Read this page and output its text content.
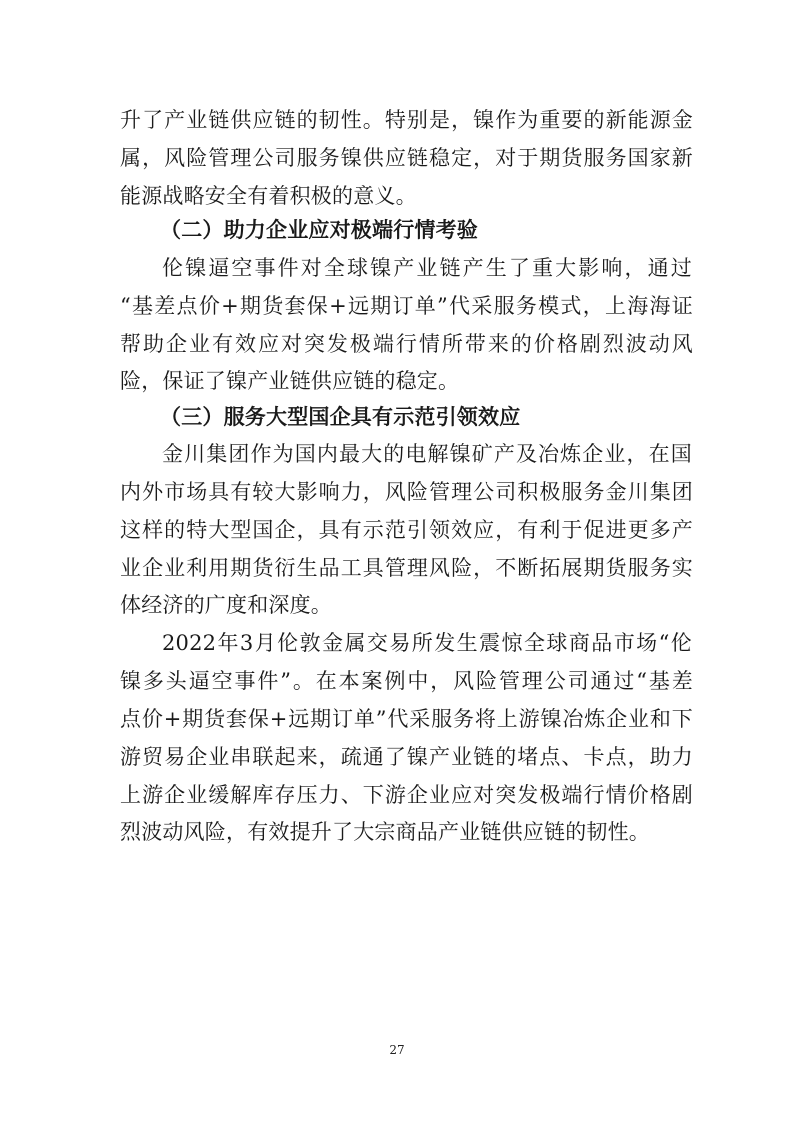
升了产业链供应链的韧性。特别是，镍作为重要的新能源金
属，风险管理公司服务镍供应链稳定，对于期货服务国家新
能源战略安全有着积极的意义。
（二）助力企业应对极端行情考验
伦镍逼空事件对全球镍产业链产生了重大影响，通过
“基差点价+期货套保+远期订单”代采服务模式，上海海证
帮助企业有效应对突发极端行情所带来的价格剧烈波动风
险，保证了镍产业链供应链的稳定。
（三）服务大型国企具有示范引领效应
金川集团作为国内最大的电解镍矿产及冶炼企业，在国
内外市场具有较大影响力，风险管理公司积极服务金川集团
这样的特大型国企，具有示范引领效应，有利于促进更多产
业企业利用期货衍生品工具管理风险，不断拓展期货服务实
体经济的广度和深度。
2022年3月伦敦金属交易所发生震惊全球商品市场“伦
镍多头逼空事件”。在本案例中，风险管理公司通过“基差
点价+期货套保+远期订单”代采服务将上游镍冶炼企业和下
游贸易企业串联起来，疏通了镍产业链的堵点、卡点，助力
上游企业缓解库存压力、下游企业应对突发极端行情价格剧
烈波动风险，有效提升了大宗商品产业链供应链的韧性。
27
